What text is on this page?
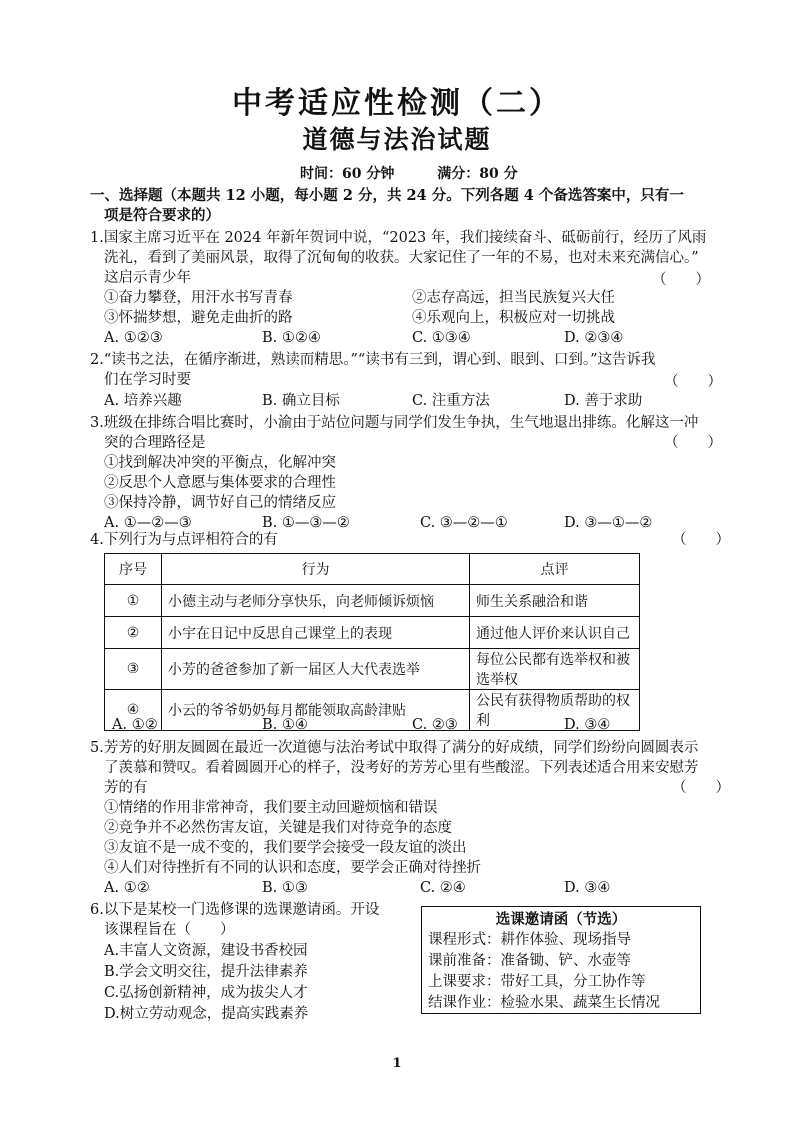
中考适应性检测（二）
道德与法治试题
时间：60 分钟	满分：80 分
一、选择题（本题共 12 小题，每小题 2 分，共 24 分。下列各题 4 个备选答案中，只有一
项是符合要求的）
1.国家主席习近平在 2024 年新年贺词中说，“2023 年，我们接续奋斗、砥砺前行，经历了风雨
洗礼，看到了美丽风景，取得了沉甸甸的收获。大家记住了一年的不易，也对未来充满信心。”
这启示青少年	（　　）
①奋力攀登，用汗水书写青春	②志存高远，担当民族复兴大任
③怀揣梦想，避免走曲折的路	④乐观向上，积极应对一切挑战
A. ①②③	B. ①②④	C. ①③④	D. ②③④
2.“读书之法，在循序渐进，熟读而精思。”“读书有三到，谓心到、眼到、口到。”这告诉我
们在学习时要	（　　）
A. 培养兴趣	B. 确立目标	C. 注重方法	D. 善于求助
3.班级在排练合唱比赛时，小渝由于站位问题与同学们发生争执，生气地退出排练。化解这一冲
突的合理路径是	（　　）
①找到解决冲突的平衡点，化解冲突
②反思个人意愿与集体要求的合理性
③保持冷静，调节好自己的情绪反应
A. ①—②—③	B. ①—③—②	C. ③—②—①	D. ③—①—②
4.下列行为与点评相符合的有	（　　）
序号	行为	点评
①	小德主动与老师分享快乐，向老师倾诉烦恼	师生关系融洽和谐
②	小宇在日记中反思自己课堂上的表现	通过他人评价来认识自己
③	小芳的爸爸参加了新一届区人大代表选举	每位公民都有选举权和被选举权
④	小云的爷爷奶奶每月都能领取高龄津贴	公民有获得物质帮助的权利
A. ①②	B. ①④	C. ②③	D. ③④
5.芳芳的好朋友圆圆在最近一次道德与法治考试中取得了满分的好成绩，同学们纷纷向圆圆表示
了羡慕和赞叹。看着圆圆开心的样子，没考好的芳芳心里有些酸涩。下列表述适合用来安慰芳
芳的有	（　　）
①情绪的作用非常神奇，我们要主动回避烦恼和错误
②竞争并不必然伤害友谊，关键是我们对待竞争的态度
③友谊不是一成不变的，我们要学会接受一段友谊的淡出
④人们对待挫折有不同的认识和态度，要学会正确对待挫折
A. ①②	B. ①③	C. ②④	D. ③④
6.以下是某校一门选修课的选课邀请函。开设
该课程旨在（　　）
A.丰富人文资源，建设书香校园
B.学会文明交往，提升法律素养
C.弘扬创新精神，成为拔尖人才
D.树立劳动观念，提高实践素养
选课邀请函（节选）
课程形式：耕作体验、现场指导
课前准备：准备锄、铲、水壶等
上课要求：带好工具，分工协作等
结课作业：检验水果、蔬菜生长情况
1
